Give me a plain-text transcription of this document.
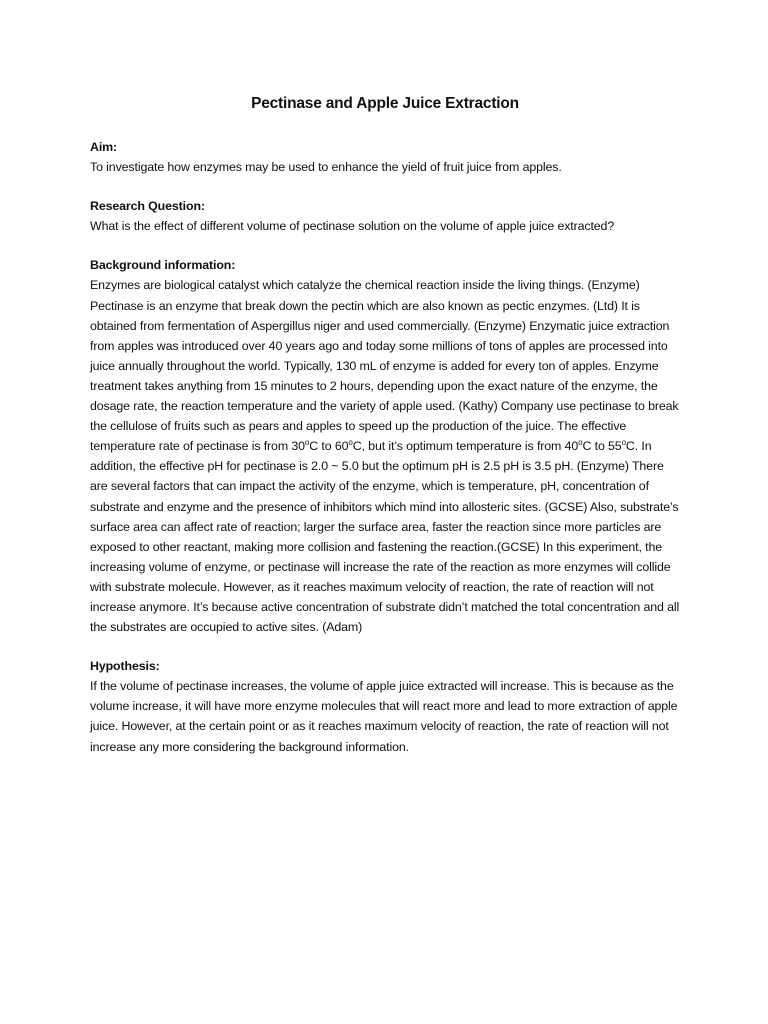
Pectinase and Apple Juice Extraction
Aim:

To investigate how enzymes may be used to enhance the yield of fruit juice from apples.

Research Question:

What is the effect of different volume of pectinase solution on the volume of apple juice extracted?

Background information:

Enzymes are biological catalyst which catalyze the chemical reaction inside the living things. (Enzyme) Pectinase is an enzyme that break down the pectin which are also known as pectic enzymes. (Ltd) It is obtained from fermentation of Aspergillus niger and used commercially. (Enzyme) Enzymatic juice extraction from apples was introduced over 40 years ago and today some millions of tons of apples are processed into juice annually throughout the world. Typically, 130 mL of enzyme is added for every ton of apples. Enzyme treatment takes anything from 15 minutes to 2 hours, depending upon the exact nature of the enzyme, the dosage rate, the reaction temperature and the variety of apple used. (Kathy) Company use pectinase to break the cellulose of fruits such as pears and apples to speed up the production of the juice. The effective temperature rate of pectinase is from 30$^o$C to 60$^o$C, but it’s optimum temperature is from 40$^o$C to 55$^o$C. In addition, the effective pH for pectinase is 2.0 ~ 5.0 but the optimum pH is 2.5 pH is 3.5 pH. (Enzyme) There are several factors that can impact the activity of the enzyme, which is temperature, pH, concentration of substrate and enzyme and the presence of inhibitors which mind into allosteric sites. (GCSE) Also, substrate’s surface area can affect rate of reaction; larger the surface area, faster the reaction since more particles are exposed to other reactant, making more collision and fastening the reaction.(GCSE) In this experiment, the increasing volume of enzyme, or pectinase will increase the rate of the reaction as more enzymes will collide with substrate molecule. However, as it reaches maximum velocity of reaction, the rate of reaction will not increase anymore. It’s because active concentration of substrate didn’t matched the total concentration and all the substrates are occupied to active sites. (Adam)

Hypothesis:

If the volume of pectinase increases, the volume of apple juice extracted will increase. This is because as the volume increase, it will have more enzyme molecules that will react more and lead to more extraction of apple juice. However, at the certain point or as it reaches maximum velocity of reaction, the rate of reaction will not increase any more considering the background information.
